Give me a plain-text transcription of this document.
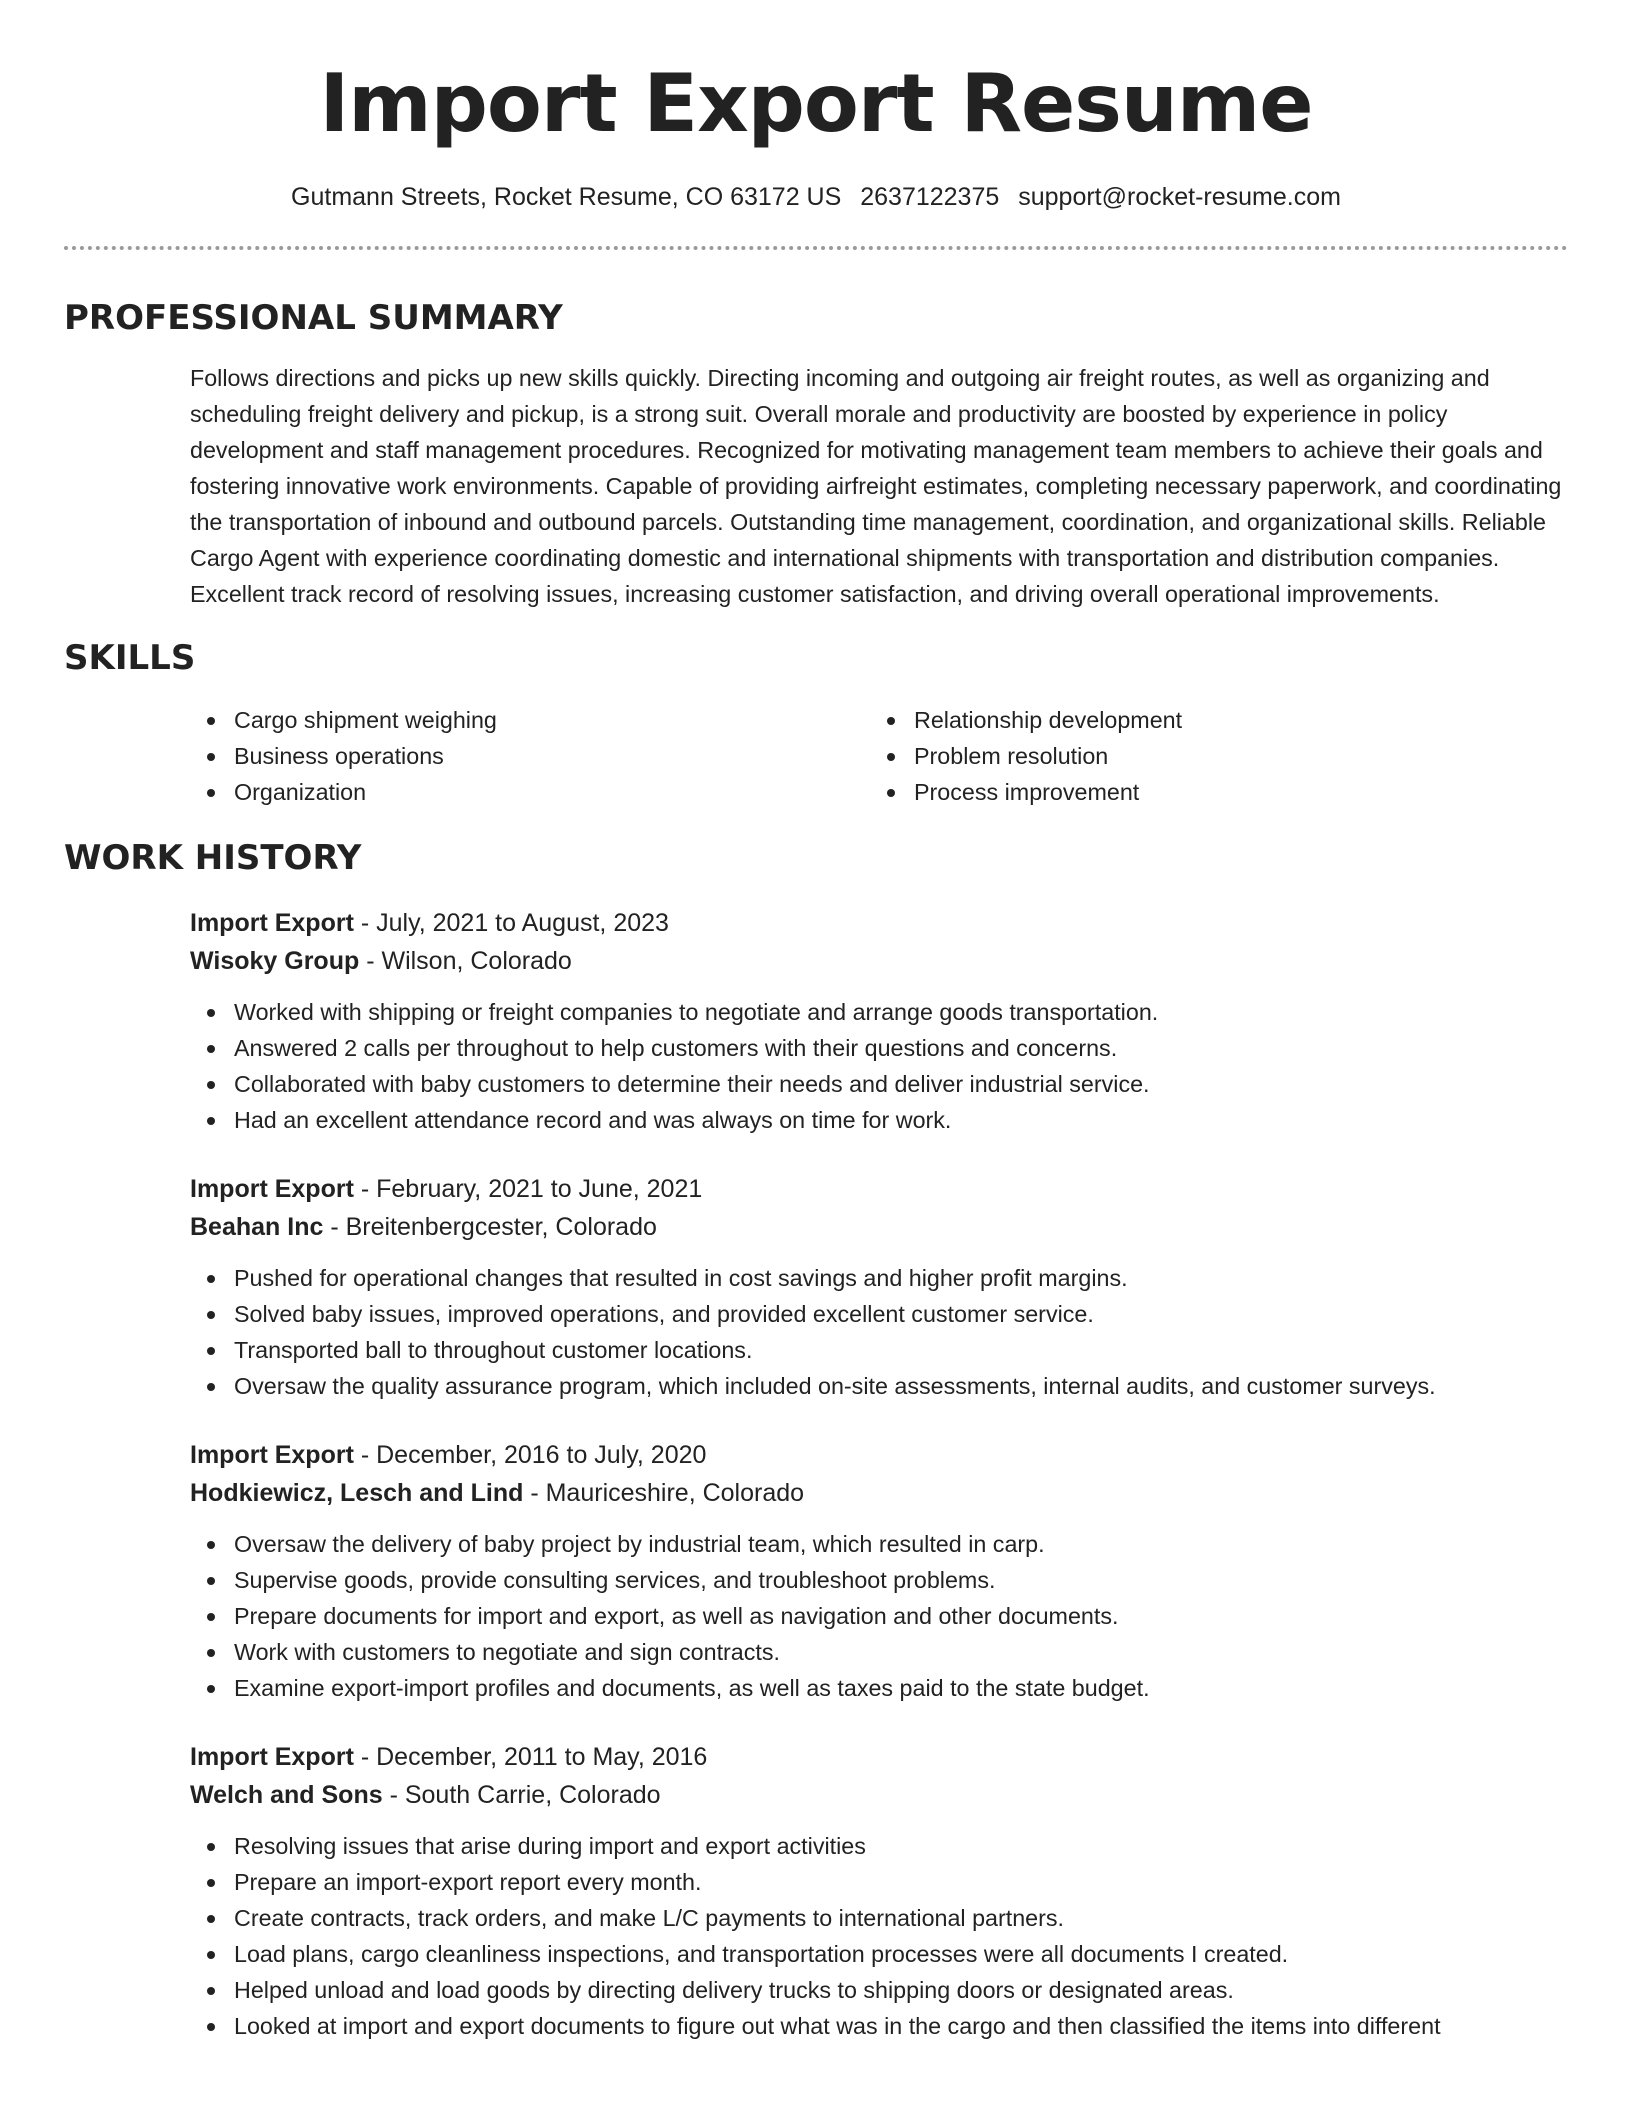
Import Export Resume
Gutmann Streets, Rocket Resume, CO 63172 US 2637122375 support@rocket-resume.com
PROFESSIONAL SUMMARY

Follows directions and picks up new skills quickly. Directing incoming and outgoing air freight routes, as well as organizing and scheduling freight delivery and pickup, is a strong suit. Overall morale and productivity are boosted by experience in policy development and staff management procedures. Recognized for motivating management team members to achieve their goals and fostering innovative work environments. Capable of providing airfreight estimates, completing necessary paperwork, and coordinating the transportation of inbound and outbound parcels. Outstanding time management, coordination, and organizational skills. Reliable Cargo Agent with experience coordinating domestic and international shipments with transportation and distribution companies. Excellent track record of resolving issues, increasing customer satisfaction, and driving overall operational improvements.

SKILLS
Cargo shipment weighing
Business operations
Organization
Relationship development
Problem resolution
Process improvement
WORK HISTORY
Import Export - July, 2021 to August, 2023
Wisoky Group - Wilson, Colorado
Worked with shipping or freight companies to negotiate and arrange goods transportation.
Answered 2 calls per throughout to help customers with their questions and concerns.
Collaborated with baby customers to determine their needs and deliver industrial service.
Had an excellent attendance record and was always on time for work.
Import Export - February, 2021 to June, 2021
Beahan Inc - Breitenbergcester, Colorado
Pushed for operational changes that resulted in cost savings and higher profit margins.
Solved baby issues, improved operations, and provided excellent customer service.
Transported ball to throughout customer locations.
Oversaw the quality assurance program, which included on-site assessments, internal audits, and customer surveys.
Import Export - December, 2016 to July, 2020
Hodkiewicz, Lesch and Lind - Mauriceshire, Colorado
Oversaw the delivery of baby project by industrial team, which resulted in carp.
Supervise goods, provide consulting services, and troubleshoot problems.
Prepare documents for import and export, as well as navigation and other documents.
Work with customers to negotiate and sign contracts.
Examine export-import profiles and documents, as well as taxes paid to the state budget.
Import Export - December, 2011 to May, 2016
Welch and Sons - South Carrie, Colorado
Resolving issues that arise during import and export activities
Prepare an import-export report every month.
Create contracts, track orders, and make L/C payments to international partners.
Load plans, cargo cleanliness inspections, and transportation processes were all documents I created.
Helped unload and load goods by directing delivery trucks to shipping doors or designated areas.
Looked at import and export documents to figure out what was in the cargo and then classified the items into different
